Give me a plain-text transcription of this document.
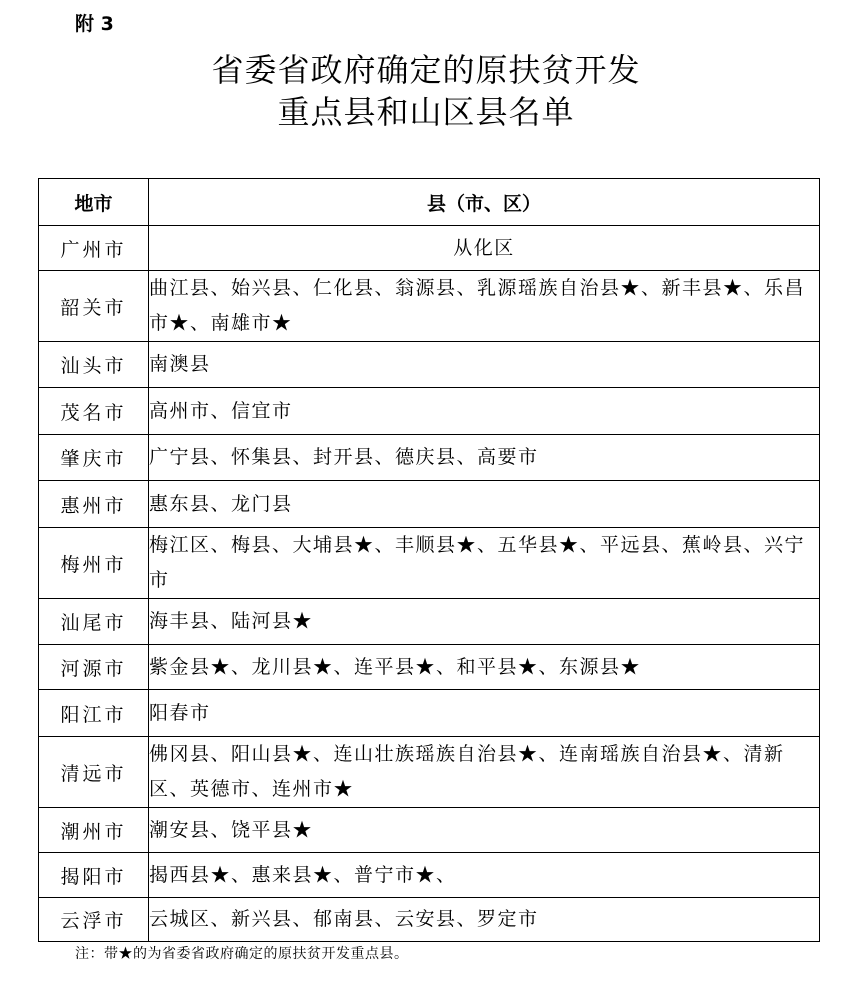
附 3
省委省政府确定的原扶贫开发
重点县和山区县名单
地市	县（市、区）
广州市	从化区
韶关市	曲江县、始兴县、仁化县、翁源县、乳源瑶族自治县★、新丰县★、乐昌市★、南雄市★
汕头市	南澳县
茂名市	高州市、信宜市
肇庆市	广宁县、怀集县、封开县、德庆县、高要市
惠州市	惠东县、龙门县
梅州市	梅江区、梅县、大埔县★、丰顺县★、五华县★、平远县、蕉岭县、兴宁市
汕尾市	海丰县、陆河县★
河源市	紫金县★、龙川县★、连平县★、和平县★、东源县★
阳江市	阳春市
清远市	佛冈县、阳山县★、连山壮族瑶族自治县★、连南瑶族自治县★、清新区、英德市、连州市★
潮州市	潮安县、饶平县★
揭阳市	揭西县★、惠来县★、普宁市★、
云浮市	云城区、新兴县、郁南县、云安县、罗定市
注：带★的为省委省政府确定的原扶贫开发重点县。
